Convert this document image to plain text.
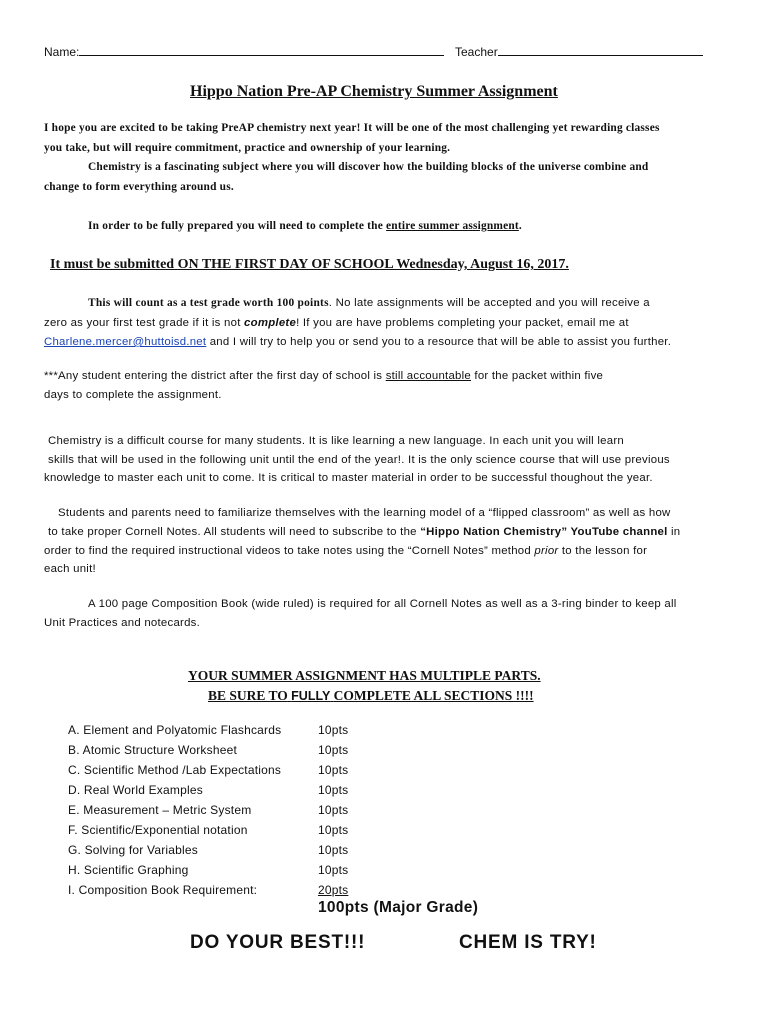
Name:	Teacher
Hippo Nation Pre-AP Chemistry Summer Assignment
I hope you are excited to be taking PreAP chemistry next year! It will be one of the most challenging yet rewarding classes
you take, but will require commitment, practice and ownership of your learning.
Chemistry is a fascinating subject where you will discover how the building blocks of the universe combine and
change to form everything around us.
In order to be fully prepared you will need to complete the entire summer assignment.
It must be submitted ON THE FIRST DAY OF SCHOOL Wednesday, August 16, 2017.
This will count as a test grade worth 100 points. No late assignments will be accepted and you will receive a
zero as your first test grade if it is not complete! If you are have problems completing your packet, email me at
Charlene.mercer@huttoisd.net and I will try to help you or send you to a resource that will be able to assist you further.
***Any student entering the district after the first day of school is still accountable for the packet within five
days to complete the assignment.
Chemistry is a difficult course for many students. It is like learning a new language. In each unit you will learn
skills that will be used in the following unit until the end of the year!. It is the only science course that will use previous
knowledge to master each unit to come. It is critical to master material in order to be successful thoughout the year.
Students and parents need to familiarize themselves with the learning model of a “flipped classroom” as well as how
to take proper Cornell Notes. All students will need to subscribe to the “Hippo Nation Chemistry” YouTube channel in
order to find the required instructional videos to take notes using the “Cornell Notes” method prior to the lesson for
each unit!
A 100 page Composition Book (wide ruled) is required for all Cornell Notes as well as a 3-ring binder to keep all
Unit Practices and notecards.
YOUR SUMMER ASSIGNMENT HAS MULTIPLE PARTS.
BE SURE TO FULLY COMPLETE ALL SECTIONS !!!!
A. Element and Polyatomic Flashcards	10pts
B. Atomic Structure Worksheet	10pts
C. Scientific Method /Lab Expectations	10pts
D. Real World Examples	10pts
E. Measurement – Metric System	10pts
F. Scientific/Exponential notation	10pts
G. Solving for Variables	10pts
H. Scientific Graphing	10pts
I. Composition Book Requirement:	20pts
100pts (Major Grade)
DO YOUR BEST!!!	CHEM IS TRY!
